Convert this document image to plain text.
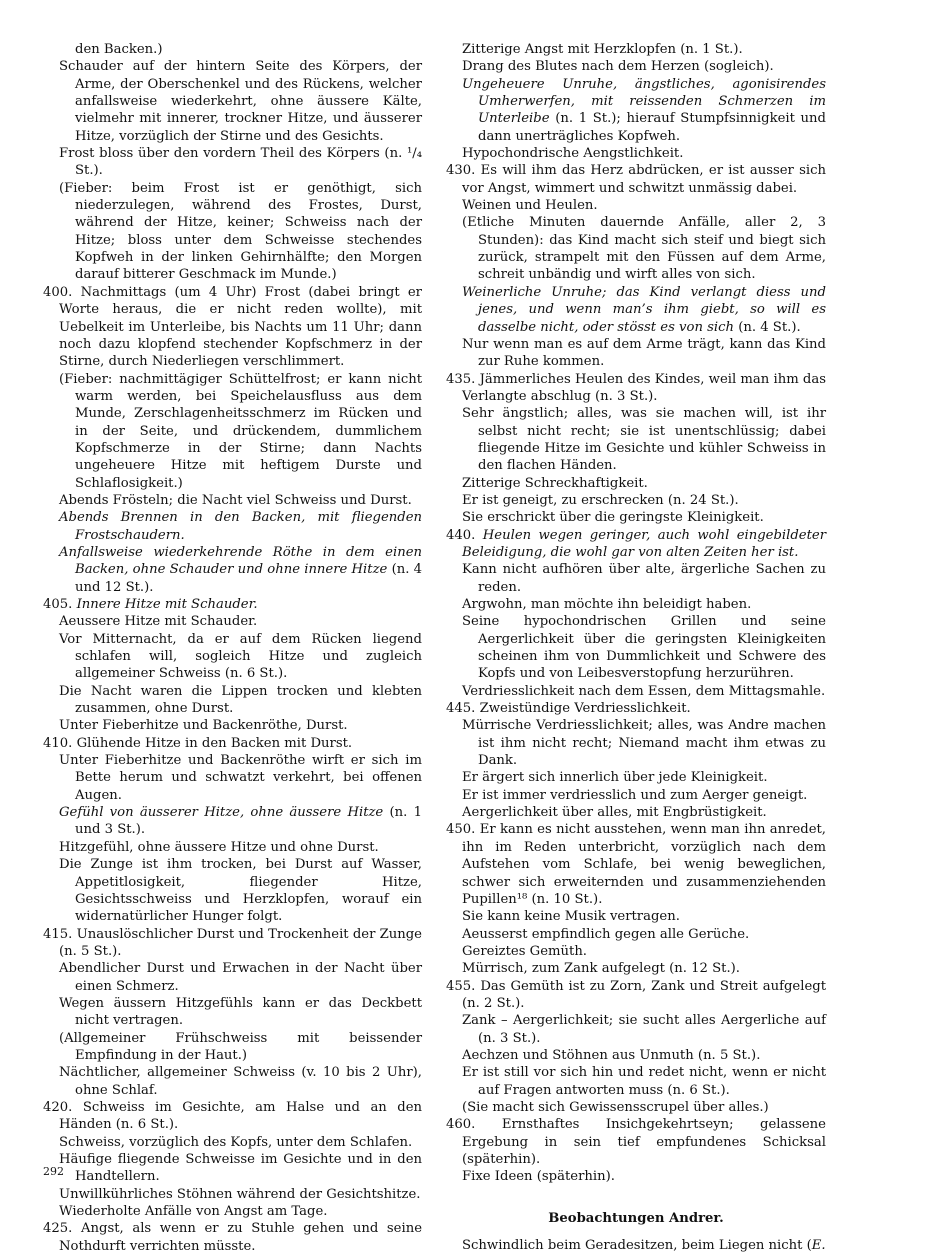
den Backen.)
Schauder auf der hintern Seite des Körpers, der Arme, der Oberschenkel und des Rückens, welcher anfallsweise wiederkehrt, ohne äussere Kälte, vielmehr mit innerer, trockner Hitze, und äusserer Hitze, vorzüglich der Stirne und des Gesichts.
Frost bloss über den vordern Theil des Körpers (n. ¹/₄ St.).
(Fieber: beim Frost ist er genöthigt, sich niederzulegen, während des Frostes, Durst, während der Hitze, keiner; Schweiss nach der Hitze; bloss unter dem Schweisse stechendes Kopfweh in der linken Gehirnhälfte; den Morgen darauf bitterer Geschmack im Munde.)
400. Nachmittags (um 4 Uhr) Frost (dabei bringt er Worte heraus, die er nicht reden wollte), mit Uebelkeit im Unterleibe, bis Nachts um 11 Uhr; dann noch dazu klopfend stechender Kopfschmerz in der Stirne, durch Niederliegen verschlimmert.
(Fieber: nachmittägiger Schüttelfrost; er kann nicht warm werden, bei Speichelausfluss aus dem Munde, Zerschlagenheitsschmerz im Rücken und in der Seite, und drückendem, dummlichem Kopfschmerze in der Stirne; dann Nachts ungeheuere Hitze mit heftigem Durste und Schlaflosigkeit.)
Abends Frösteln; die Nacht viel Schweiss und Durst.
Abends Brennen in den Backen, mit fliegenden Frostschaudern.
Anfallsweise wiederkehrende Röthe in dem einen Backen, ohne Schauder und ohne innere Hitze (n. 4 und 12 St.).
405. Innere Hitze mit Schauder.
Aeussere Hitze mit Schauder.
Vor Mitternacht, da er auf dem Rücken liegend schlafen will, sogleich Hitze und zugleich allgemeiner Schweiss (n. 6 St.).
Die Nacht waren die Lippen trocken und klebten zusammen, ohne Durst.
Unter Fieberhitze und Backenröthe, Durst.
410. Glühende Hitze in den Backen mit Durst.
Unter Fieberhitze und Backenröthe wirft er sich im Bette herum und schwatzt verkehrt, bei offenen Augen.
Gefühl von äusserer Hitze, ohne äussere Hitze (n. 1 und 3 St.).
Hitzgefühl, ohne äussere Hitze und ohne Durst.
Die Zunge ist ihm trocken, bei Durst auf Wasser, Appetitlosigkeit, fliegender Hitze, Gesichtsschweiss und Herzklopfen, worauf ein widernatürlicher Hunger folgt.
415. Unauslöschlicher Durst und Trockenheit der Zunge (n. 5 St.).
Abendlicher Durst und Erwachen in der Nacht über einen Schmerz.
Wegen äussern Hitzgefühls kann er das Deckbett nicht vertragen.
(Allgemeiner Frühschweiss mit beissender Empfindung in der Haut.)
Nächtlicher, allgemeiner Schweiss (v. 10 bis 2 Uhr), ohne Schlaf.
420. Schweiss im Gesichte, am Halse und an den Händen (n. 6 St.).
Schweiss, vorzüglich des Kopfs, unter dem Schlafen.
Häufige fliegende Schweisse im Gesichte und in den Handtellern.
Unwillkührliches Stöhnen während der Gesichtshitze.
Wiederholte Anfälle von Angst am Tage.
425. Angst, als wenn er zu Stuhle gehen und seine Nothdurft verrichten müsste.
Zitterige Angst mit Herzklopfen (n. 1 St.).
Drang des Blutes nach dem Herzen (sogleich).
Ungeheuere Unruhe, ängstliches, agonisirendes Umherwerfen, mit reissenden Schmerzen im Unterleibe (n. 1 St.); hierauf Stumpfsinnigkeit und dann unerträgliches Kopfweh.
Hypochondrische Aengstlichkeit.
430. Es will ihm das Herz abdrücken, er ist ausser sich vor Angst, wimmert und schwitzt unmässig dabei.
Weinen und Heulen.
(Etliche Minuten dauernde Anfälle, aller 2, 3 Stunden): das Kind macht sich steif und biegt sich zurück, strampelt mit den Füssen auf dem Arme, schreit unbändig und wirft alles von sich.
Weinerliche Unruhe; das Kind verlangt diess und jenes, und wenn man’s ihm giebt, so will es dasselbe nicht, oder stösst es von sich (n. 4 St.).
Nur wenn man es auf dem Arme trägt, kann das Kind zur Ruhe kommen.
435. Jämmerliches Heulen des Kindes, weil man ihm das Verlangte abschlug (n. 3 St.).
Sehr ängstlich; alles, was sie machen will, ist ihr selbst nicht recht; sie ist unentschlüssig; dabei fliegende Hitze im Gesichte und kühler Schweiss in den flachen Händen.
Zitterige Schreckhaftigkeit.
Er ist geneigt, zu erschrecken (n. 24 St.).
Sie erschrickt über die geringste Kleinigkeit.
440. Heulen wegen geringer, auch wohl eingebildeter Beleidigung, die wohl gar von alten Zeiten her ist.
Kann nicht aufhören über alte, ärgerliche Sachen zu reden.
Argwohn, man möchte ihn beleidigt haben.
Seine hypochondrischen Grillen und seine Aergerlichkeit über die geringsten Kleinigkeiten scheinen ihm von Dummlichkeit und Schwere des Kopfs und von Leibesverstopfung herzurühren.
Verdriesslichkeit nach dem Essen, dem Mittagsmahle.
445. Zweistündige Verdriesslichkeit.
Mürrische Verdriesslichkeit; alles, was Andre machen ist ihm nicht recht; Niemand macht ihm etwas zu Dank.
Er ärgert sich innerlich über jede Kleinigkeit.
Er ist immer verdriesslich und zum Aerger geneigt.
Aergerlichkeit über alles, mit Engbrüstigkeit.
450. Er kann es nicht ausstehen, wenn man ihn anredet, ihn im Reden unterbricht, vorzüglich nach dem Aufstehen vom Schlafe, bei wenig beweglichen, schwer sich erweiternden und zusammenziehenden Pupillen¹⁸ (n. 10 St.).
Sie kann keine Musik vertragen.
Aeusserst empfindlich gegen alle Gerüche.
Gereiztes Gemüth.
Mürrisch, zum Zank aufgelegt (n. 12 St.).
455. Das Gemüth ist zu Zorn, Zank und Streit aufgelegt (n. 2 St.).
Zank – Aergerlichkeit; sie sucht alles Aergerliche auf (n. 3 St.).
Aechzen und Stöhnen aus Unmuth (n. 5 St.).
Er ist still vor sich hin und redet nicht, wenn er nicht auf Fragen antworten muss (n. 6 St.).
(Sie macht sich Gewissensscrupel über alles.)
460. Ernsthaftes Insichgekehrtseyn; gelassene Ergebung in sein tief empfundenes Schicksal (späterhin).
Fixe Ideen (späterhin).
Beobachtungen Andrer.
Schwindlich beim Geradesitzen, beim Liegen nicht (E.
292
